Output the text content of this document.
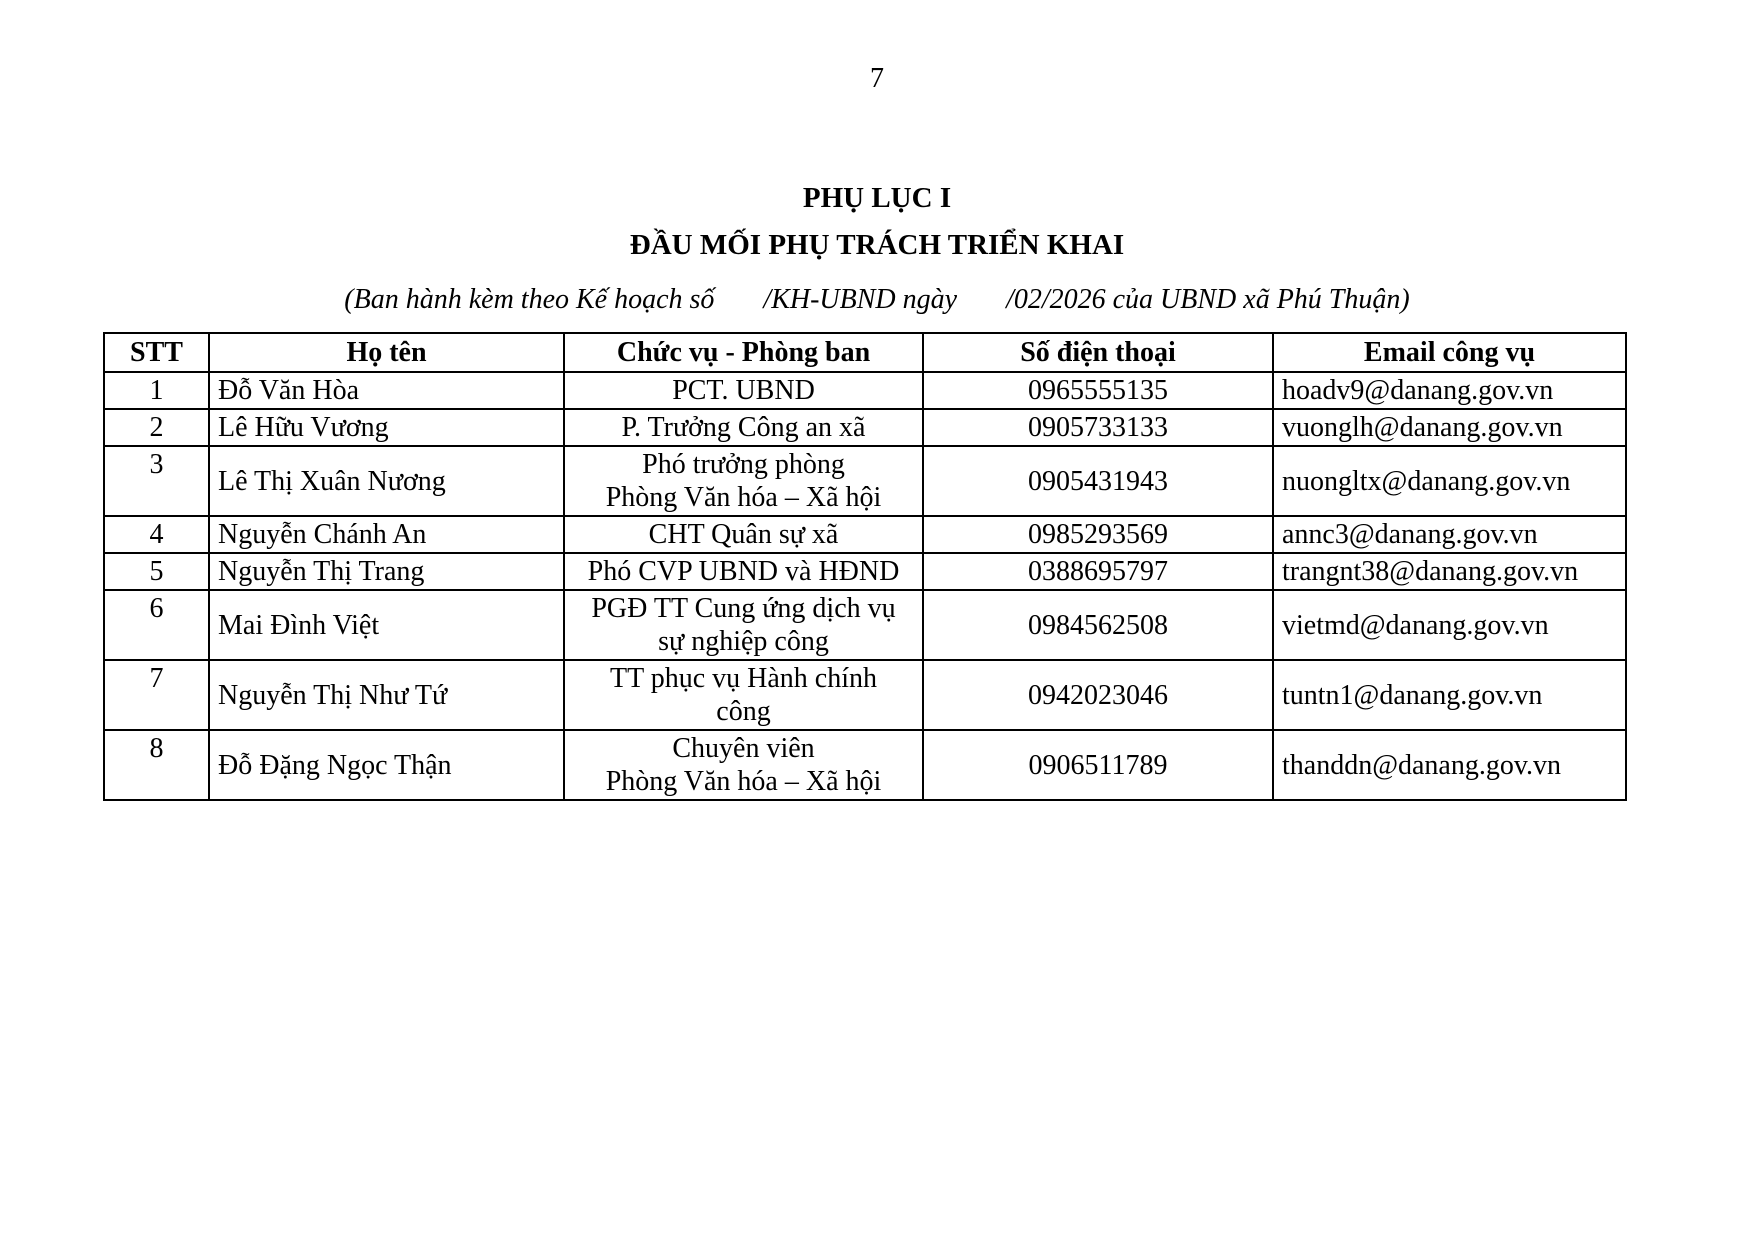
7
PHỤ LỤC I
ĐẦU MỐI PHỤ TRÁCH TRIỂN KHAI
(Ban hành kèm theo Kế hoạch số       /KH-UBND ngày       /02/2026 của UBND xã Phú Thuận)
STT	Họ tên	Chức vụ - Phòng ban	Số điện thoại	Email công vụ
1	Đỗ Văn Hòa	PCT. UBND	0965555135	hoadv9@danang.gov.vn
2	Lê Hữu Vương	P. Trưởng Công an xã	0905733133	vuonglh@danang.gov.vn
3	Lê Thị Xuân Nương	Phó trưởng phòng
Phòng Văn hóa – Xã hội	0905431943	nuongltx@danang.gov.vn
4	Nguyễn Chánh An	CHT Quân sự xã	0985293569	annc3@danang.gov.vn
5	Nguyễn Thị Trang	Phó CVP UBND và HĐND	0388695797	trangnt38@danang.gov.vn
6	Mai Đình Việt	PGĐ TT Cung ứng dịch vụ
sự nghiệp công	0984562508	vietmd@danang.gov.vn
7	Nguyễn Thị Như Tứ	TT phục vụ Hành chính
công	0942023046	tuntn1@danang.gov.vn
8	Đỗ Đặng Ngọc Thận	Chuyên viên
Phòng Văn hóa – Xã hội	0906511789	thanddn@danang.gov.vn
